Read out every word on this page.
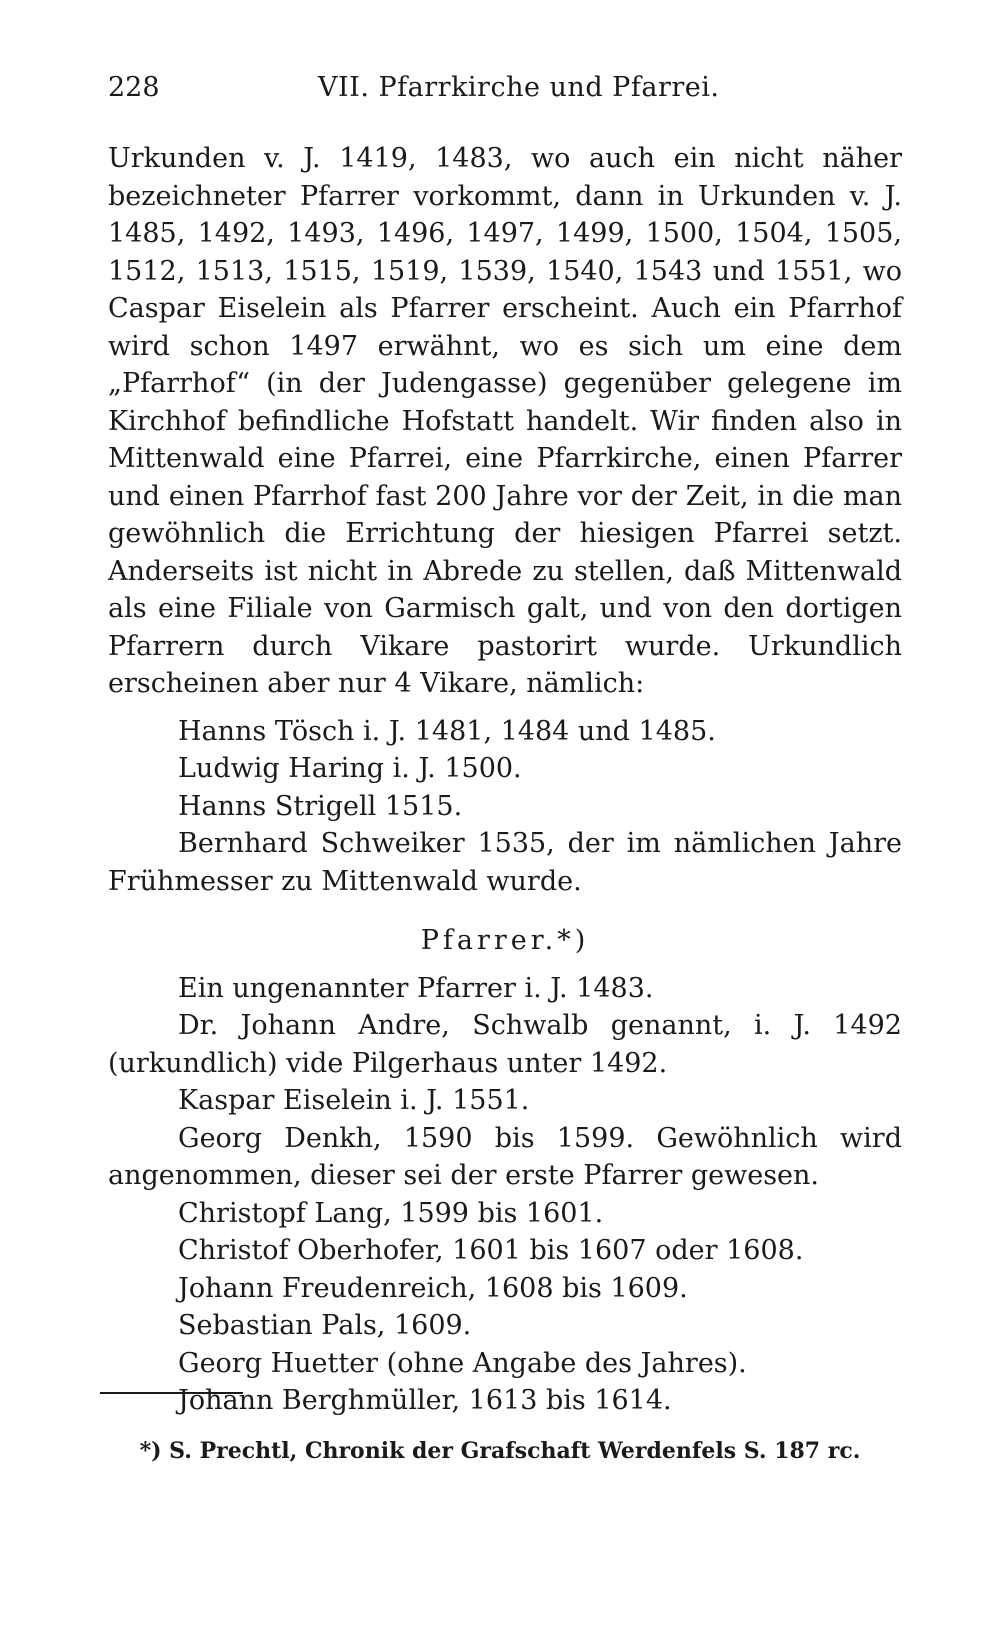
228	VII. Pfarrkirche und Pfarrei.

Urkunden v. J. 1419, 1483, wo auch ein nicht näher bezeichneter Pfarrer vorkommt, dann in Urkunden v. J. 1485, 1492, 1493, 1496, 1497, 1499, 1500, 1504, 1505, 1512, 1513, 1515, 1519, 1539, 1540, 1543 und 1551, wo Caspar Eiselein als Pfarrer erscheint. Auch ein Pfarrhof wird schon 1497 erwähnt, wo es sich um eine dem „Pfarrhof“ (in der Judengasse) gegenüber gelegene im Kirchhof befindliche Hofstatt handelt. Wir finden also in Mittenwald eine Pfarrei, eine Pfarrkirche, einen Pfarrer und einen Pfarrhof fast 200 Jahre vor der Zeit, in die man gewöhnlich die Errichtung der hiesigen Pfarrei setzt. Anderseits ist nicht in Abrede zu stellen, daß Mittenwald als eine Filiale von Garmisch galt, und von den dortigen Pfarrern durch Vikare pastorirt wurde. Urkundlich erscheinen aber nur 4 Vikare, nämlich:

Hanns Tösch i. J. 1481, 1484 und 1485.
Ludwig Haring i. J. 1500.
Hanns Strigell 1515.
Bernhard Schweiker 1535, der im nämlichen Jahre Frühmesser zu Mittenwald wurde.
Pfarrer.*)
Ein ungenannter Pfarrer i. J. 1483.
Dr. Johann Andre, Schwalb genannt, i. J. 1492 (urkundlich) vide Pilgerhaus unter 1492.
Kaspar Eiselein i. J. 1551.
Georg Denkh, 1590 bis 1599. Gewöhnlich wird angenommen, dieser sei der erste Pfarrer gewesen.
Christopf Lang, 1599 bis 1601.
Christof Oberhofer, 1601 bis 1607 oder 1608.
Johann Freudenreich, 1608 bis 1609.
Sebastian Pals, 1609.
Georg Huetter (ohne Angabe des Jahres).
Johann Berghmüller, 1613 bis 1614.
*) S. Prechtl, Chronik der Grafschaft Werdenfels S. 187 rc.
